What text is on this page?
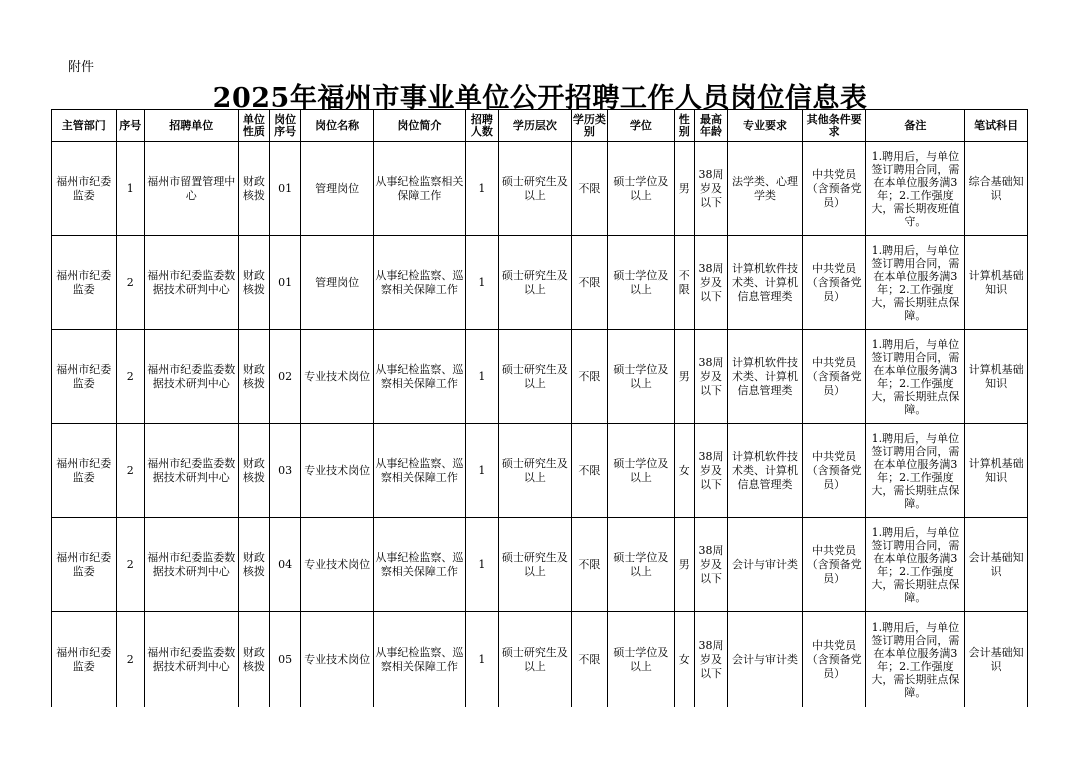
附件
2025年福州市事业单位公开招聘工作人员岗位信息表
主管部门	序号	招聘单位	单位性质	岗位序号	岗位名称	岗位简介	招聘人数	学历层次	学历类别	学位	性别	最高年龄	专业要求	其他条件要求	备注	笔试科目
福州市纪委监委	1	福州市留置管理中心	财政核拨	01	管理岗位	从事纪检监察相关保障工作	1	硕士研究生及以上	不限	硕士学位及以上	男	38周岁及以下	法学类、心理学类	中共党员（含预备党员）	1.聘用后，与单位签订聘用合同，需在本单位服务满3年；2.工作强度大，需长期夜班值守。	综合基础知识
福州市纪委监委	2	福州市纪委监委数据技术研判中心	财政核拨	01	管理岗位	从事纪检监察、巡察相关保障工作	1	硕士研究生及以上	不限	硕士学位及以上	不限	38周岁及以下	计算机软件技术类、计算机信息管理类	中共党员（含预备党员）	1.聘用后，与单位签订聘用合同，需在本单位服务满3年；2.工作强度大，需长期驻点保障。	计算机基础知识
福州市纪委监委	2	福州市纪委监委数据技术研判中心	财政核拨	02	专业技术岗位	从事纪检监察、巡察相关保障工作	1	硕士研究生及以上	不限	硕士学位及以上	男	38周岁及以下	计算机软件技术类、计算机信息管理类	中共党员（含预备党员）	1.聘用后，与单位签订聘用合同，需在本单位服务满3年；2.工作强度大，需长期驻点保障。	计算机基础知识
福州市纪委监委	2	福州市纪委监委数据技术研判中心	财政核拨	03	专业技术岗位	从事纪检监察、巡察相关保障工作	1	硕士研究生及以上	不限	硕士学位及以上	女	38周岁及以下	计算机软件技术类、计算机信息管理类	中共党员（含预备党员）	1.聘用后，与单位签订聘用合同，需在本单位服务满3年；2.工作强度大，需长期驻点保障。	计算机基础知识
福州市纪委监委	2	福州市纪委监委数据技术研判中心	财政核拨	04	专业技术岗位	从事纪检监察、巡察相关保障工作	1	硕士研究生及以上	不限	硕士学位及以上	男	38周岁及以下	会计与审计类	中共党员（含预备党员）	1.聘用后，与单位签订聘用合同，需在本单位服务满3年；2.工作强度大，需长期驻点保障。	会计基础知识
福州市纪委监委	2	福州市纪委监委数据技术研判中心	财政核拨	05	专业技术岗位	从事纪检监察、巡察相关保障工作	1	硕士研究生及以上	不限	硕士学位及以上	女	38周岁及以下	会计与审计类	中共党员（含预备党员）	1.聘用后，与单位签订聘用合同，需在本单位服务满3年；2.工作强度大，需长期驻点保障。	会计基础知识
